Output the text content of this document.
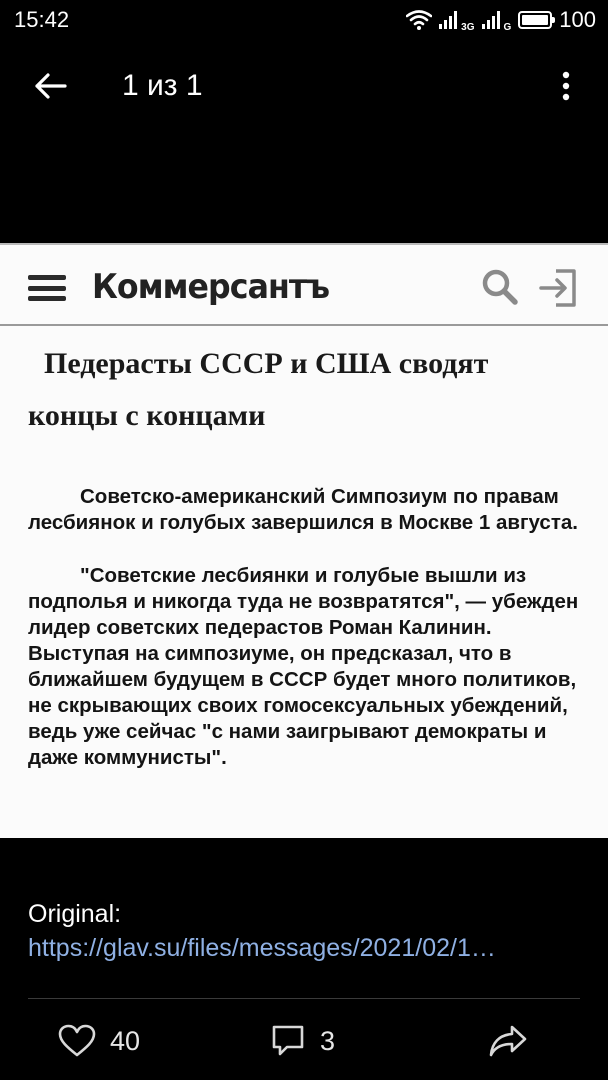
15:42	3G	G 100
1 из 1
Коммерсантъ
Педерасты СССР и США сводят
концы с концами

Советско-американский Симпозиум по правам лесбиянок и голубых завершился в Москве 1 августа.

"Советские лесбиянки и голубые вышли из подполья и никогда туда не возвратятся", — убежден лидер советских педерастов Роман Калинин. Выступая на симпозиуме, он предсказал, что в ближайшем будущем в СССР будет много политиков, не скрывающих своих гомосексуальных убеждений, ведь уже сейчас "с нами заигрывают демократы и даже коммунисты".

Original: https://glav.su/files/messages/2021/02/1…
40	3
